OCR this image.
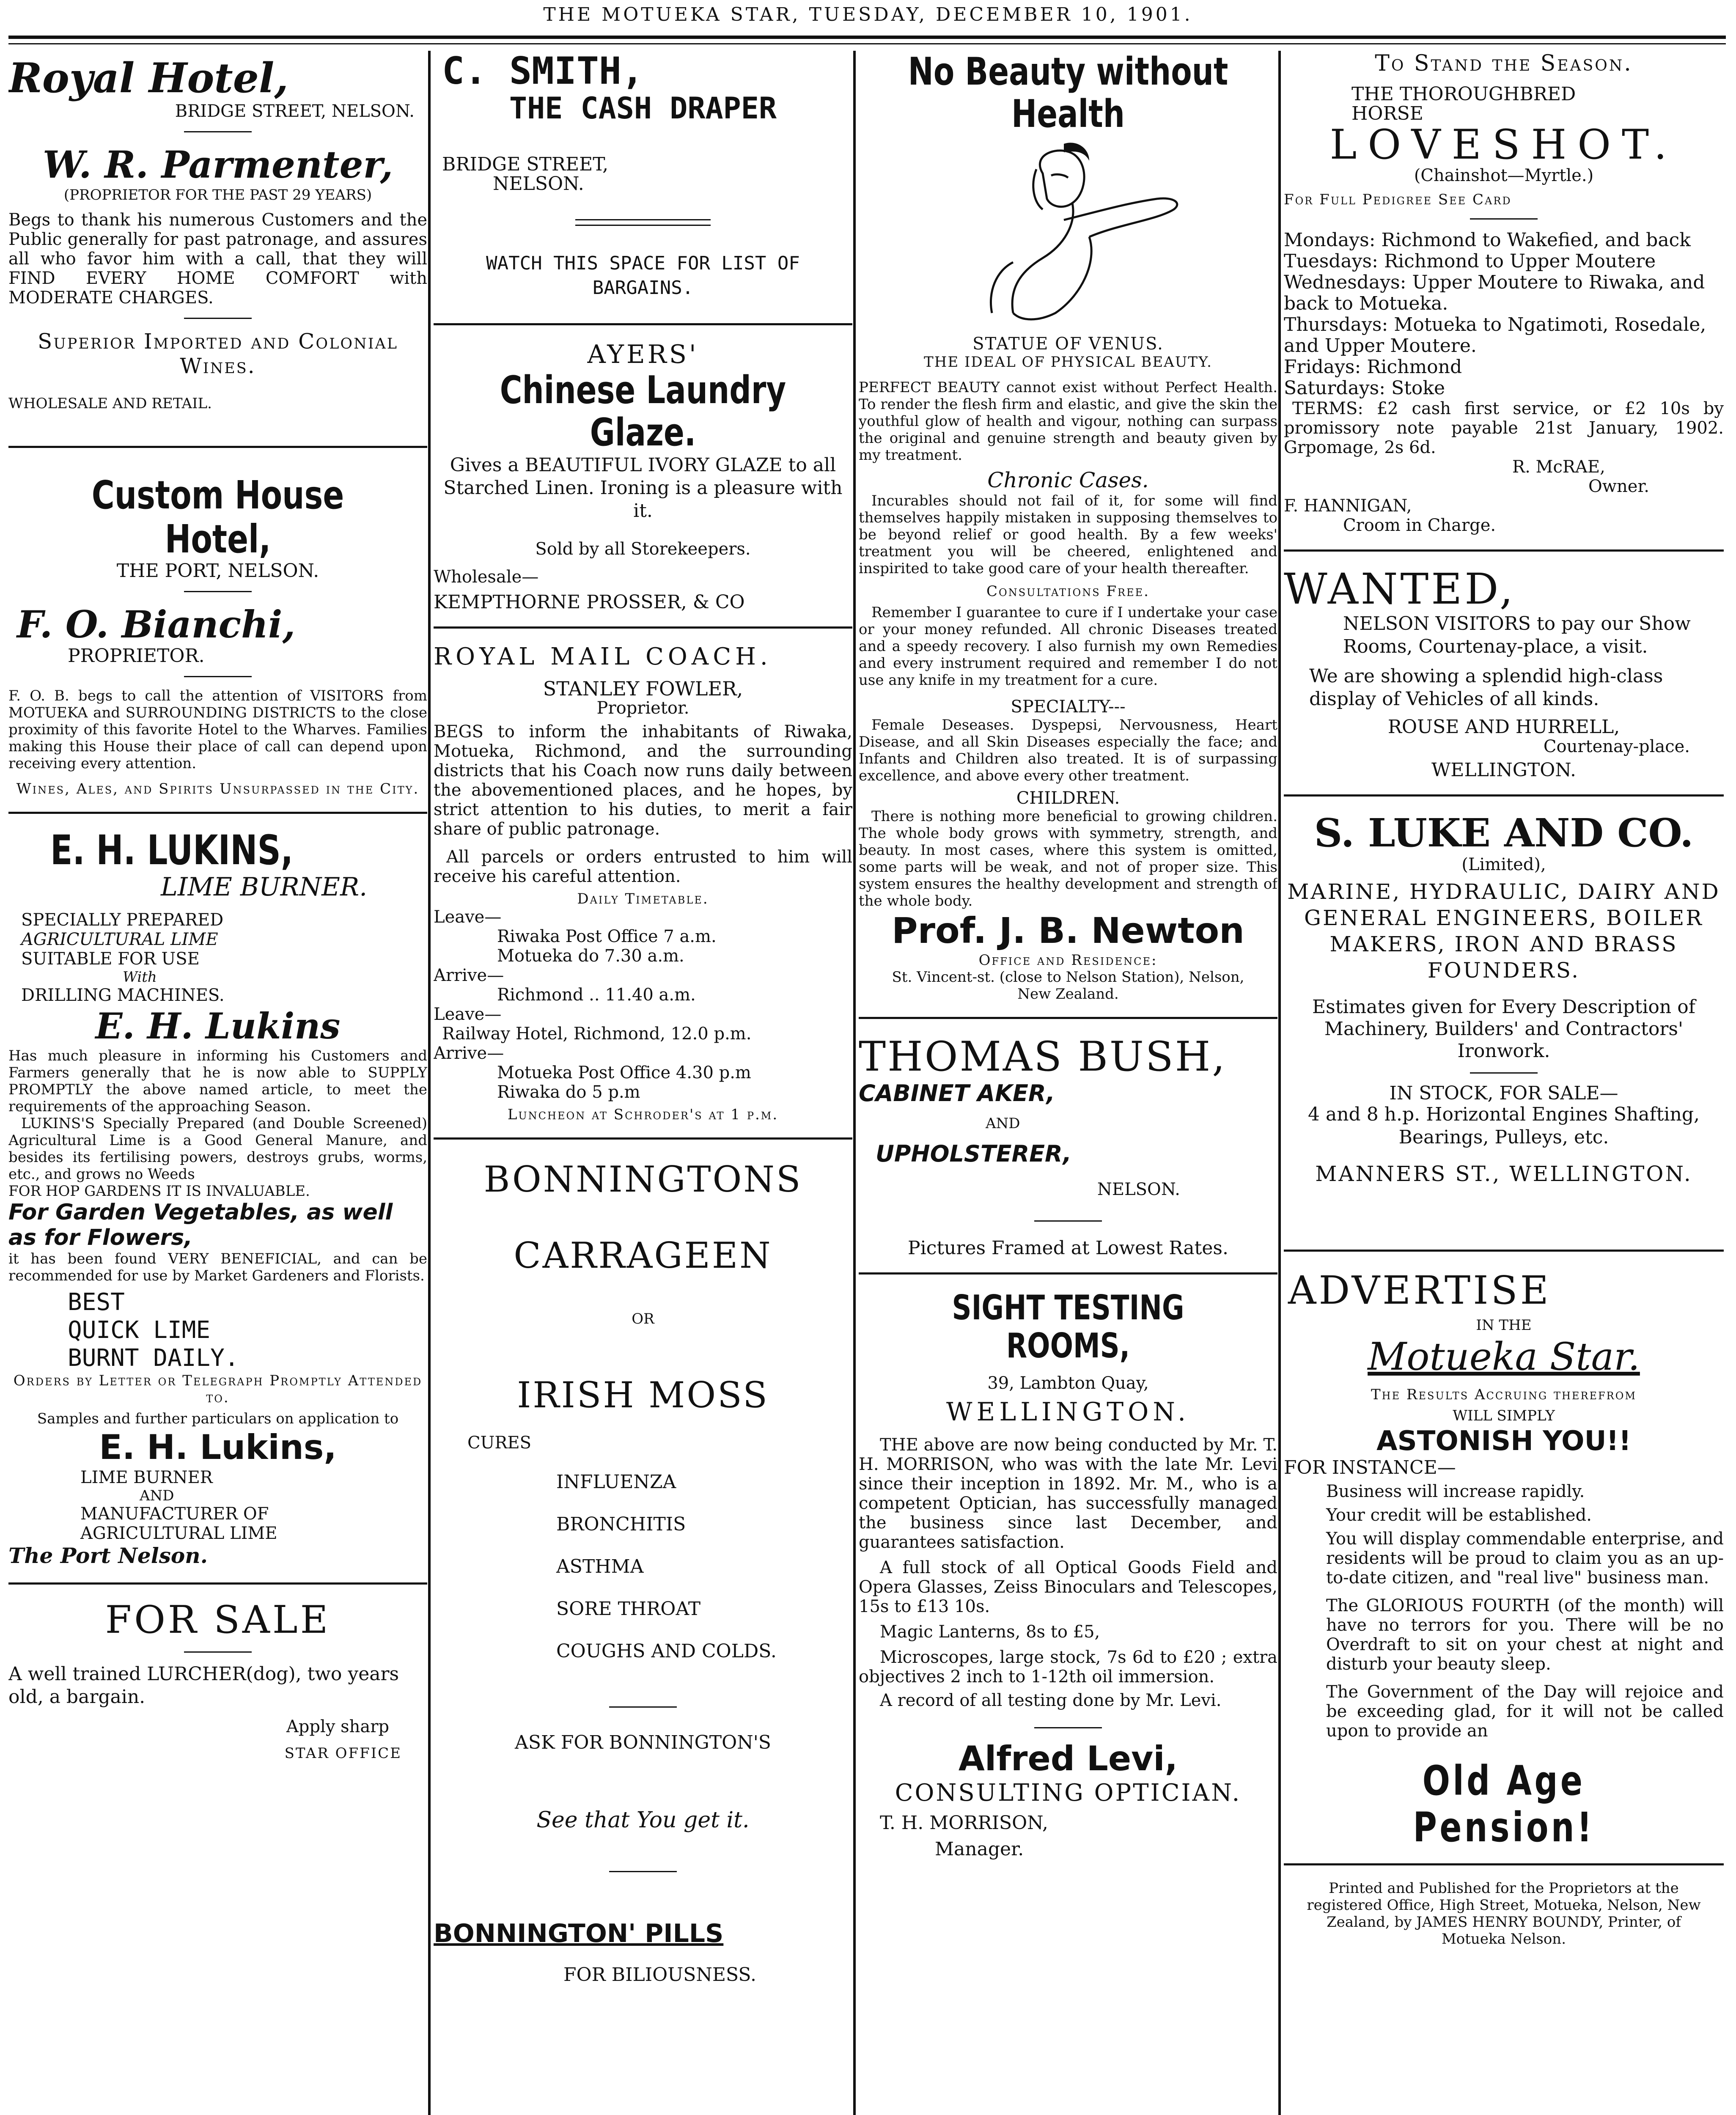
THE MOTUEKA STAR, TUESDAY, DECEMBER 10, 1901.
Royal Hotel,
BRIDGE STREET, NELSON.
W. R. Parmenter,
(PROPRIETOR FOR THE PAST 29 YEARS)

Begs to thank his numerous Customers and the Public generally for past patronage, and assures all who favor him with a call, that they will FIND EVERY HOME COMFORT with MODERATE CHARGES.

Superior Imported and Colonial Wines.
WHOLESALE AND RETAIL.
Custom House Hotel,
THE PORT, NELSON.
F. O. Bianchi,
PROPRIETOR.

F. O. B. begs to call the attention of VISITORS from MOTUEKA and SURROUNDING DISTRICTS to the close proximity of this favorite Hotel to the Wharves. Families making this House their place of call can depend upon receiving every attention.

Wines, Ales, and Spirits Unsurpassed in the City.
E. H. LUKINS,
LIME BURNER.
SPECIALLY PREPARED
AGRICULTURAL LIME
SUITABLE FOR USE
With
DRILLING MACHINES.
E. H. Lukins

Has much pleasure in informing his Customers and Farmers generally that he is now able to SUPPLY PROMPTLY the above named article, to meet the requirements of the approaching Season.

LUKINS'S Specially Prepared (and Double Screened) Agricultural Lime is a Good General Manure, and besides its fertilising powers, destroys grubs, worms, etc., and grows no Weeds

FOR HOP GARDENS IT IS INVALUABLE.
For Garden Vegetables, as well as for Flowers,

it has been found VERY BENEFICIAL, and can be recommended for use by Market Gardeners and Florists.

BEST
QUICK LIME
BURNT DAILY.
Orders by Letter or Telegraph Promptly Attended to.
Samples and further particulars on application to
E. H. Lukins,
LIME BURNER
AND
MANUFACTURER OF
AGRICULTURAL LIME
The Port Nelson.
FOR SALE

A well trained LURCHER(dog), two years old, a bargain.

Apply sharp
STAR OFFICE
C. SMITH,
THE CASH DRAPER
BRIDGE STREET,
NELSON.
WATCH THIS SPACE FOR LIST OF BARGAINS.
AYERS'
Chinese Laundry Glaze.

Gives a BEAUTIFUL IVORY GLAZE to all Starched Linen. Ironing is a pleasure with it.

Sold by all Storekeepers.
Wholesale—
KEMPTHORNE PROSSER, & CO
ROYAL MAIL COACH.
STANLEY FOWLER,
Proprietor.

BEGS to inform the inhabitants of Riwaka, Motueka, Richmond, and the surrounding districts that his Coach now runs daily between the abovementioned places, and he hopes, by strict attention to his duties, to merit a fair share of public patronage.

All parcels or orders entrusted to him will receive his careful attention.

Daily Timetable.
Leave—
Riwaka Post Office 7 a.m.
Motueka do 7.30 a.m.
Arrive—
Richmond .. 11.40 a.m.
Leave—
Railway Hotel, Richmond, 12.0 p.m.
Arrive—
Motueka Post Office 4.30 p.m
Riwaka do 5 p.m
Luncheon at Schroder's at 1 p.m.
BONNINGTONS
CARRAGEEN
OR
IRISH MOSS
CURES
INFLUENZA
BRONCHITIS
ASTHMA
SORE THROAT
COUGHS AND COLDS.
ASK FOR BONNINGTON'S
See that You get it.
BONNINGTON' PILLS
FOR BILIOUSNESS.
No Beauty without Health
STATUE OF VENUS.
THE IDEAL OF PHYSICAL BEAUTY.

PERFECT BEAUTY cannot exist without Perfect Health. To render the flesh firm and elastic, and give the skin the youthful glow of health and vigour, nothing can surpass the original and genuine strength and beauty given by my treatment.

Chronic Cases.

Incurables should not fail of it, for some will find themselves happily mistaken in supposing themselves to be beyond relief or good health. By a few weeks' treatment you will be cheered, enlightened and inspirited to take good care of your health thereafter.

Consultations Free.

Remember I guarantee to cure if I undertake your case or your money refunded. All chronic Diseases treated and a speedy recovery. I also furnish my own Remedies and every instrument required and remember I do not use any knife in my treatment for a cure.

SPECIALTY---

Female Deseases. Dyspepsi, Nervousness, Heart Disease, and all Skin Diseases especially the face; and Infants and Children also treated. It is of surpassing excellence, and above every other treatment.

CHILDREN.

There is nothing more beneficial to growing children. The whole body grows with symmetry, strength, and beauty. In most cases, where this system is omitted, some parts will be weak, and not of proper size. This system ensures the healthy development and strength of the whole body.

Prof. J. B. Newton
Office and Residence:
St. Vincent-st. (close to Nelson Station), Nelson, New Zealand.
THOMAS BUSH,
CABINET AKER,
AND
UPHOLSTERER,
NELSON.
Pictures Framed at Lowest Rates.
SIGHT TESTING ROOMS,
39, Lambton Quay,
WELLINGTON.

THE above are now being conducted by Mr. T. H. MORRISON, who was with the late Mr. Levi since their inception in 1892. Mr. M., who is a competent Optician, has successfully managed the business since last December, and guarantees satisfaction.

A full stock of all Optical Goods Field and Opera Glasses, Zeiss Binoculars and Telescopes, 15s to £13 10s.

Magic Lanterns, 8s to £5,

Microscopes, large stock, 7s 6d to £20 ; extra objectives 2 inch to 1-12th oil immersion.

A record of all testing done by Mr. Levi.

Alfred Levi,
CONSULTING OPTICIAN.
T. H. MORRISON,
Manager.
To Stand the Season.
THE THOROUGHBRED
HORSE
LOVESHOT.
(Chainshot—Myrtle.)
For Full Pedigree See Card
Mondays: Richmond to Wakefied, and back
Tuesdays: Richmond to Upper Moutere
Wednesdays: Upper Moutere to Riwaka, and back to Motueka.
Thursdays: Motueka to Ngatimoti, Rosedale, and Upper Moutere.
Fridays: Richmond
Saturdays: Stoke

TERMS: £2 cash first service, or £2 10s by promissory note payable 21st January, 1902. Grpomage, 2s 6d.

R. McRAE,
Owner.
F. HANNIGAN,
Croom in Charge.
WANTED,

NELSON VISITORS to pay our Show Rooms, Courtenay-place, a visit.

We are showing a splendid high-class display of Vehicles of all kinds.

ROUSE AND HURRELL,
Courtenay-place.
WELLINGTON.
S. LUKE AND CO.
(Limited),

MARINE, HYDRAULIC, DAIRY AND GENERAL ENGINEERS, BOILER MAKERS, IRON AND BRASS FOUNDERS.

Estimates given for Every Description of Machinery, Builders' and Contractors' Ironwork.

IN STOCK, FOR SALE—

4 and 8 h.p. Horizontal Engines Shafting, Bearings, Pulleys, etc.

MANNERS ST., WELLINGTON.
ADVERTISE
IN THE
Motueka Star.
The Results Accruing therefrom
WILL SIMPLY
ASTONISH YOU!!
FOR INSTANCE—
Business will increase rapidly.
Your credit will be established.

You will display commendable enterprise, and residents will be proud to claim you as an up-to-date citizen, and "real live" business man.

The GLORIOUS FOURTH (of the month) will have no terrors for you. There will be no Overdraft to sit on your chest at night and disturb your beauty sleep.

The Government of the Day will rejoice and be exceeding glad, for it will not be called upon to provide an

Old Age Pension!

Printed and Published for the Proprietors at the registered Office, High Street, Motueka, Nelson, New Zealand, by JAMES HENRY BOUNDY, Printer, of Motueka Nelson.
